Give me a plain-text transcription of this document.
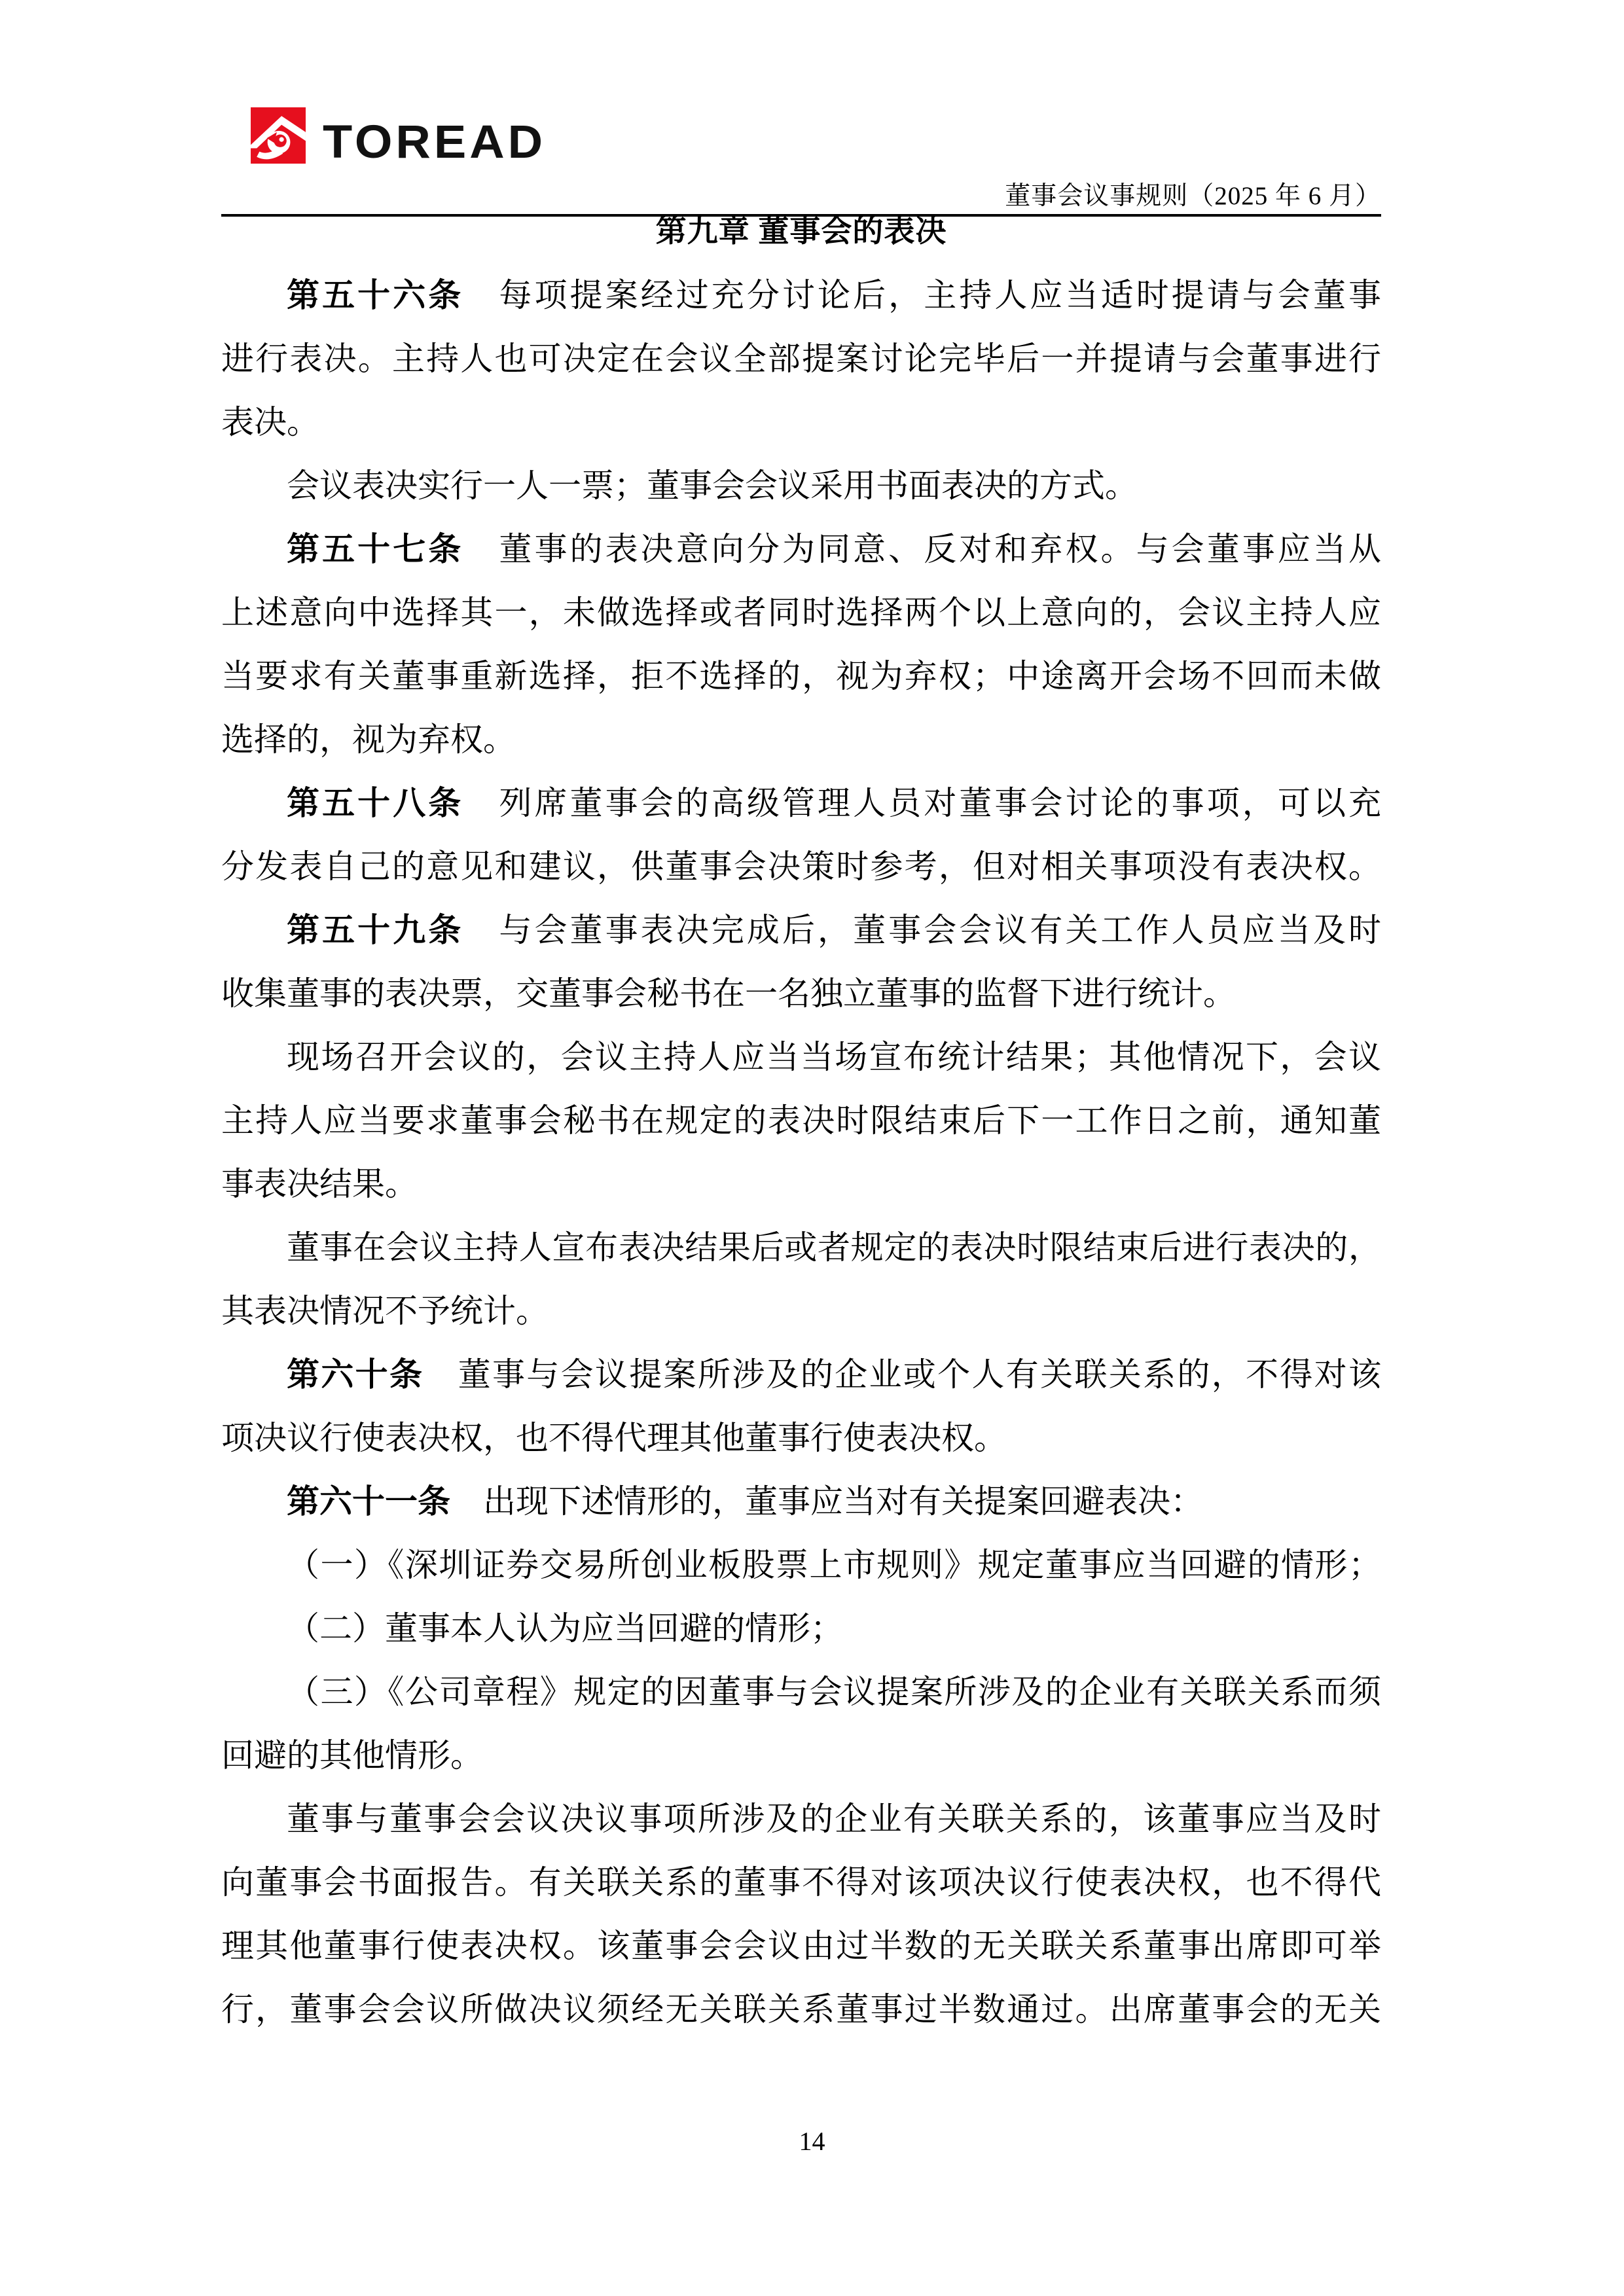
TOREAD
董事会议事规则（2025 年 6 月）
第九章 董事会的表决
第五十六条　每项提案经过充分讨论后，主持人应当适时提请与会董事
进行表决。主持人也可决定在会议全部提案讨论完毕后一并提请与会董事进行
表决。
会议表决实行一人一票；董事会会议采用书面表决的方式。
第五十七条　董事的表决意向分为同意、反对和弃权。与会董事应当从
上述意向中选择其一，未做选择或者同时选择两个以上意向的，会议主持人应
当要求有关董事重新选择，拒不选择的，视为弃权；中途离开会场不回而未做
选择的，视为弃权。
第五十八条　列席董事会的高级管理人员对董事会讨论的事项，可以充
分发表自己的意见和建议，供董事会决策时参考，但对相关事项没有表决权。
第五十九条　与会董事表决完成后，董事会会议有关工作人员应当及时
收集董事的表决票，交董事会秘书在一名独立董事的监督下进行统计。
现场召开会议的，会议主持人应当当场宣布统计结果；其他情况下，会议
主持人应当要求董事会秘书在规定的表决时限结束后下一工作日之前，通知董
事表决结果。
董事在会议主持人宣布表决结果后或者规定的表决时限结束后进行表决的，
其表决情况不予统计。
第六十条　董事与会议提案所涉及的企业或个人有关联关系的，不得对该
项决议行使表决权，也不得代理其他董事行使表决权。
第六十一条　出现下述情形的，董事应当对有关提案回避表决：
（一）《深圳证券交易所创业板股票上市规则》规定董事应当回避的情形；
（二）董事本人认为应当回避的情形；
（三）《公司章程》规定的因董事与会议提案所涉及的企业有关联关系而须
回避的其他情形。
董事与董事会会议决议事项所涉及的企业有关联关系的，该董事应当及时
向董事会书面报告。有关联关系的董事不得对该项决议行使表决权，也不得代
理其他董事行使表决权。该董事会会议由过半数的无关联关系董事出席即可举
行，董事会会议所做决议须经无关联关系董事过半数通过。出席董事会的无关
14
